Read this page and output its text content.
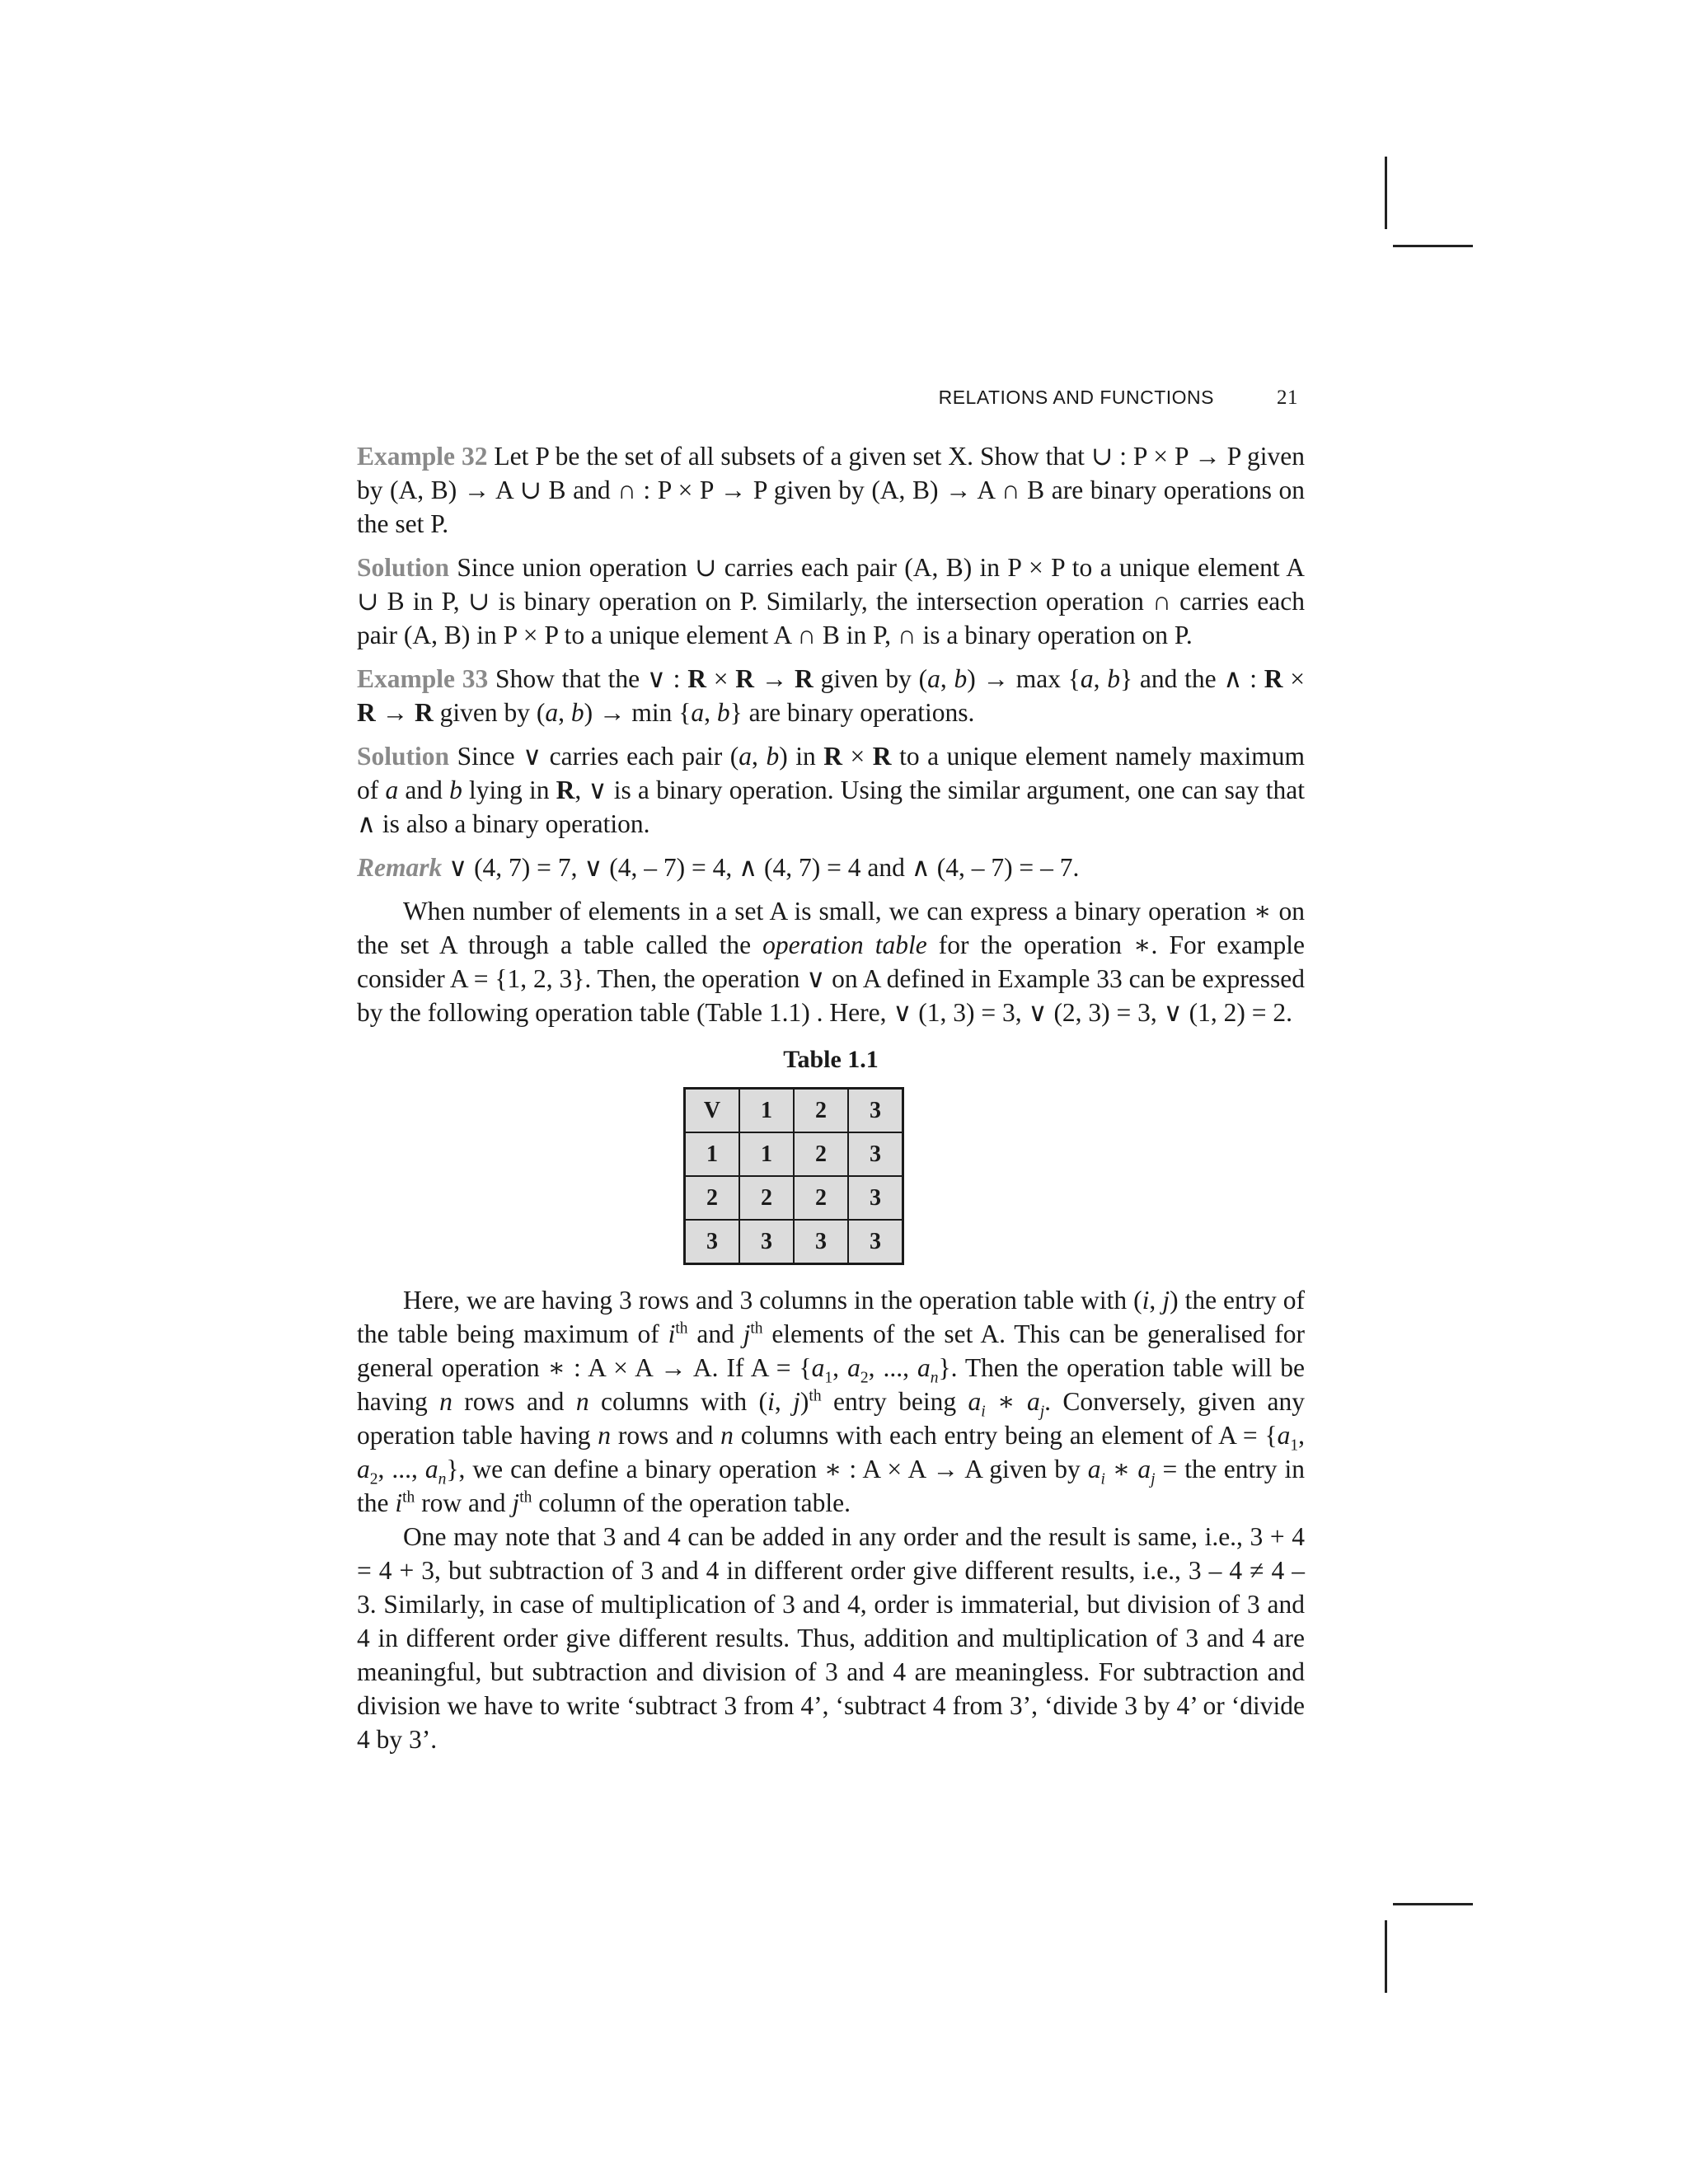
RELATIONS AND FUNCTIONS	21

Example 32 Let P be the set of all subsets of a given set X. Show that ∪ : P × P → P given by (A, B) → A ∪ B and ∩ : P × P → P given by (A, B) → A ∩ B are binary operations on the set P.

Solution Since union operation ∪ carries each pair (A, B) in P × P to a unique element A ∪ B in P, ∪ is binary operation on P. Similarly, the intersection operation ∩ carries each pair (A, B) in P × P to a unique element A ∩ B in P, ∩ is a binary operation on P.

Example 33 Show that the ∨ : R × R → R given by (a, b) → max {a, b} and the ∧ : R × R → R given by (a, b) → min {a, b} are binary operations.

Solution Since ∨ carries each pair (a, b) in R × R to a unique element namely maximum of a and b lying in R, ∨ is a binary operation. Using the similar argument, one can say that ∧ is also a binary operation.

Remark ∨ (4, 7) = 7, ∨ (4, – 7) = 4, ∧ (4, 7) = 4 and ∧ (4, – 7) = – 7.

When number of elements in a set A is small, we can express a binary operation ∗ on the set A through a table called the operation table for the operation ∗. For example consider A = {1, 2, 3}. Then, the operation ∨ on A defined in Example 33 can be expressed by the following operation table (Table 1.1) . Here, ∨ (1, 3) = 3, ∨ (2, 3) = 3, ∨ (1, 2) = 2.

Table 1.1
V	1	2	3
1	1	2	3
2	2	2	3
3	3	3	3

Here, we are having 3 rows and 3 columns in the operation table with (i, j) the entry of the table being maximum of $i^{th}$ and $j^{th}$ elements of the set A. This can be generalised for general operation ∗ : A × A → A. If $A = \{a_1$, $a_2$, ..., $a_n$}. Then the operation table will be having n rows and n columns with (i, j)$^{th}$ entry being $a_i$ ∗ $a_j$. Conversely, given any operation table having n rows and n columns with each entry being an element of $A = \{a_1$, $a_2$, ..., $a_n$}, we can define a binary operation ∗ : A × A → A given by $a_i$ ∗ $a_j$ = the entry in the $i^{th}$ row and $j^{th}$ column of the operation table.

One may note that 3 and 4 can be added in any order and the result is same, i.e., 3 + 4 = 4 + 3, but subtraction of 3 and 4 in different order give different results, i.e., 3 – 4 ≠ 4 – 3. Similarly, in case of multiplication of 3 and 4, order is immaterial, but division of 3 and 4 in different order give different results. Thus, addition and multiplication of 3 and 4 are meaningful, but subtraction and division of 3 and 4 are meaningless. For subtraction and division we have to write ‘subtract 3 from 4’, ‘subtract 4 from 3’, ‘divide 3 by 4’ or ‘divide 4 by 3’.
